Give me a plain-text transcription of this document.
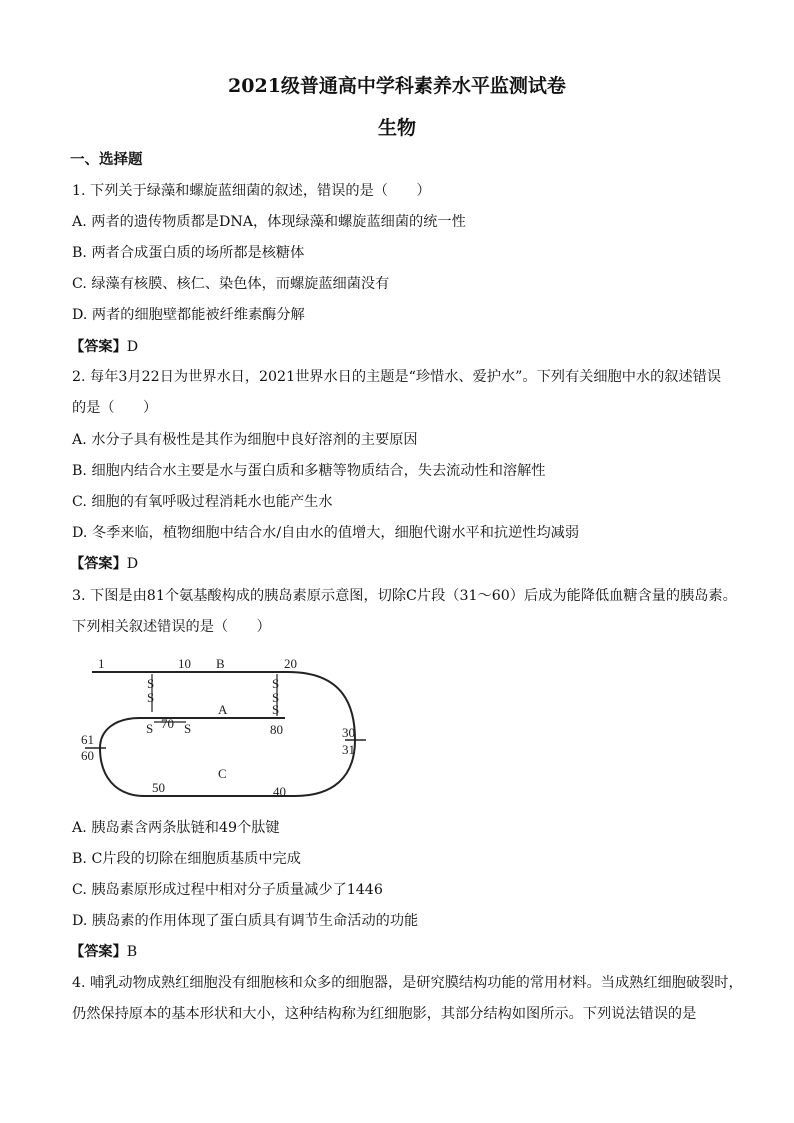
2021级普通高中学科素养水平监测试卷
生物
一、选择题
1. 下列关于绿藻和螺旋蓝细菌的叙述，错误的是（　　）
A. 两者的遗传物质都是DNA，体现绿藻和螺旋蓝细菌的统一性
B. 两者合成蛋白质的场所都是核糖体
C. 绿藻有核膜、核仁、染色体，而螺旋蓝细菌没有
D. 两者的细胞壁都能被纤维素酶分解
【答案】D
2. 每年3月22日为世界水日，2021世界水日的主题是“珍惜水、爱护水”。下列有关细胞中水的叙述错误
的是（　　）
A. 水分子具有极性是其作为细胞中良好溶剂的主要原因
B. 细胞内结合水主要是水与蛋白质和多糖等物质结合，失去流动性和溶解性
C. 细胞的有氧呼吸过程消耗水也能产生水
D. 冬季来临，植物细胞中结合水/自由水的值增大，细胞代谢水平和抗逆性均减弱
【答案】D
3. 下图是由81个氨基酸构成的胰岛素原示意图，切除C片段（31～60）后成为能降低血糖含量的胰岛素。
下列相关叙述错误的是（　　）
S
S
S
S
S
S S
1	10 B	20
70
A
80
61
60
30
31
C
50	40
A. 胰岛素含两条肽链和49个肽键
B. C片段的切除在细胞质基质中完成
C. 胰岛素原形成过程中相对分子质量减少了1446
D. 胰岛素的作用体现了蛋白质具有调节生命活动的功能
【答案】B
4. 哺乳动物成熟红细胞没有细胞核和众多的细胞器，是研究膜结构功能的常用材料。当成熟红细胞破裂时，
仍然保持原本的基本形状和大小，这种结构称为红细胞影，其部分结构如图所示。下列说法错误的是
